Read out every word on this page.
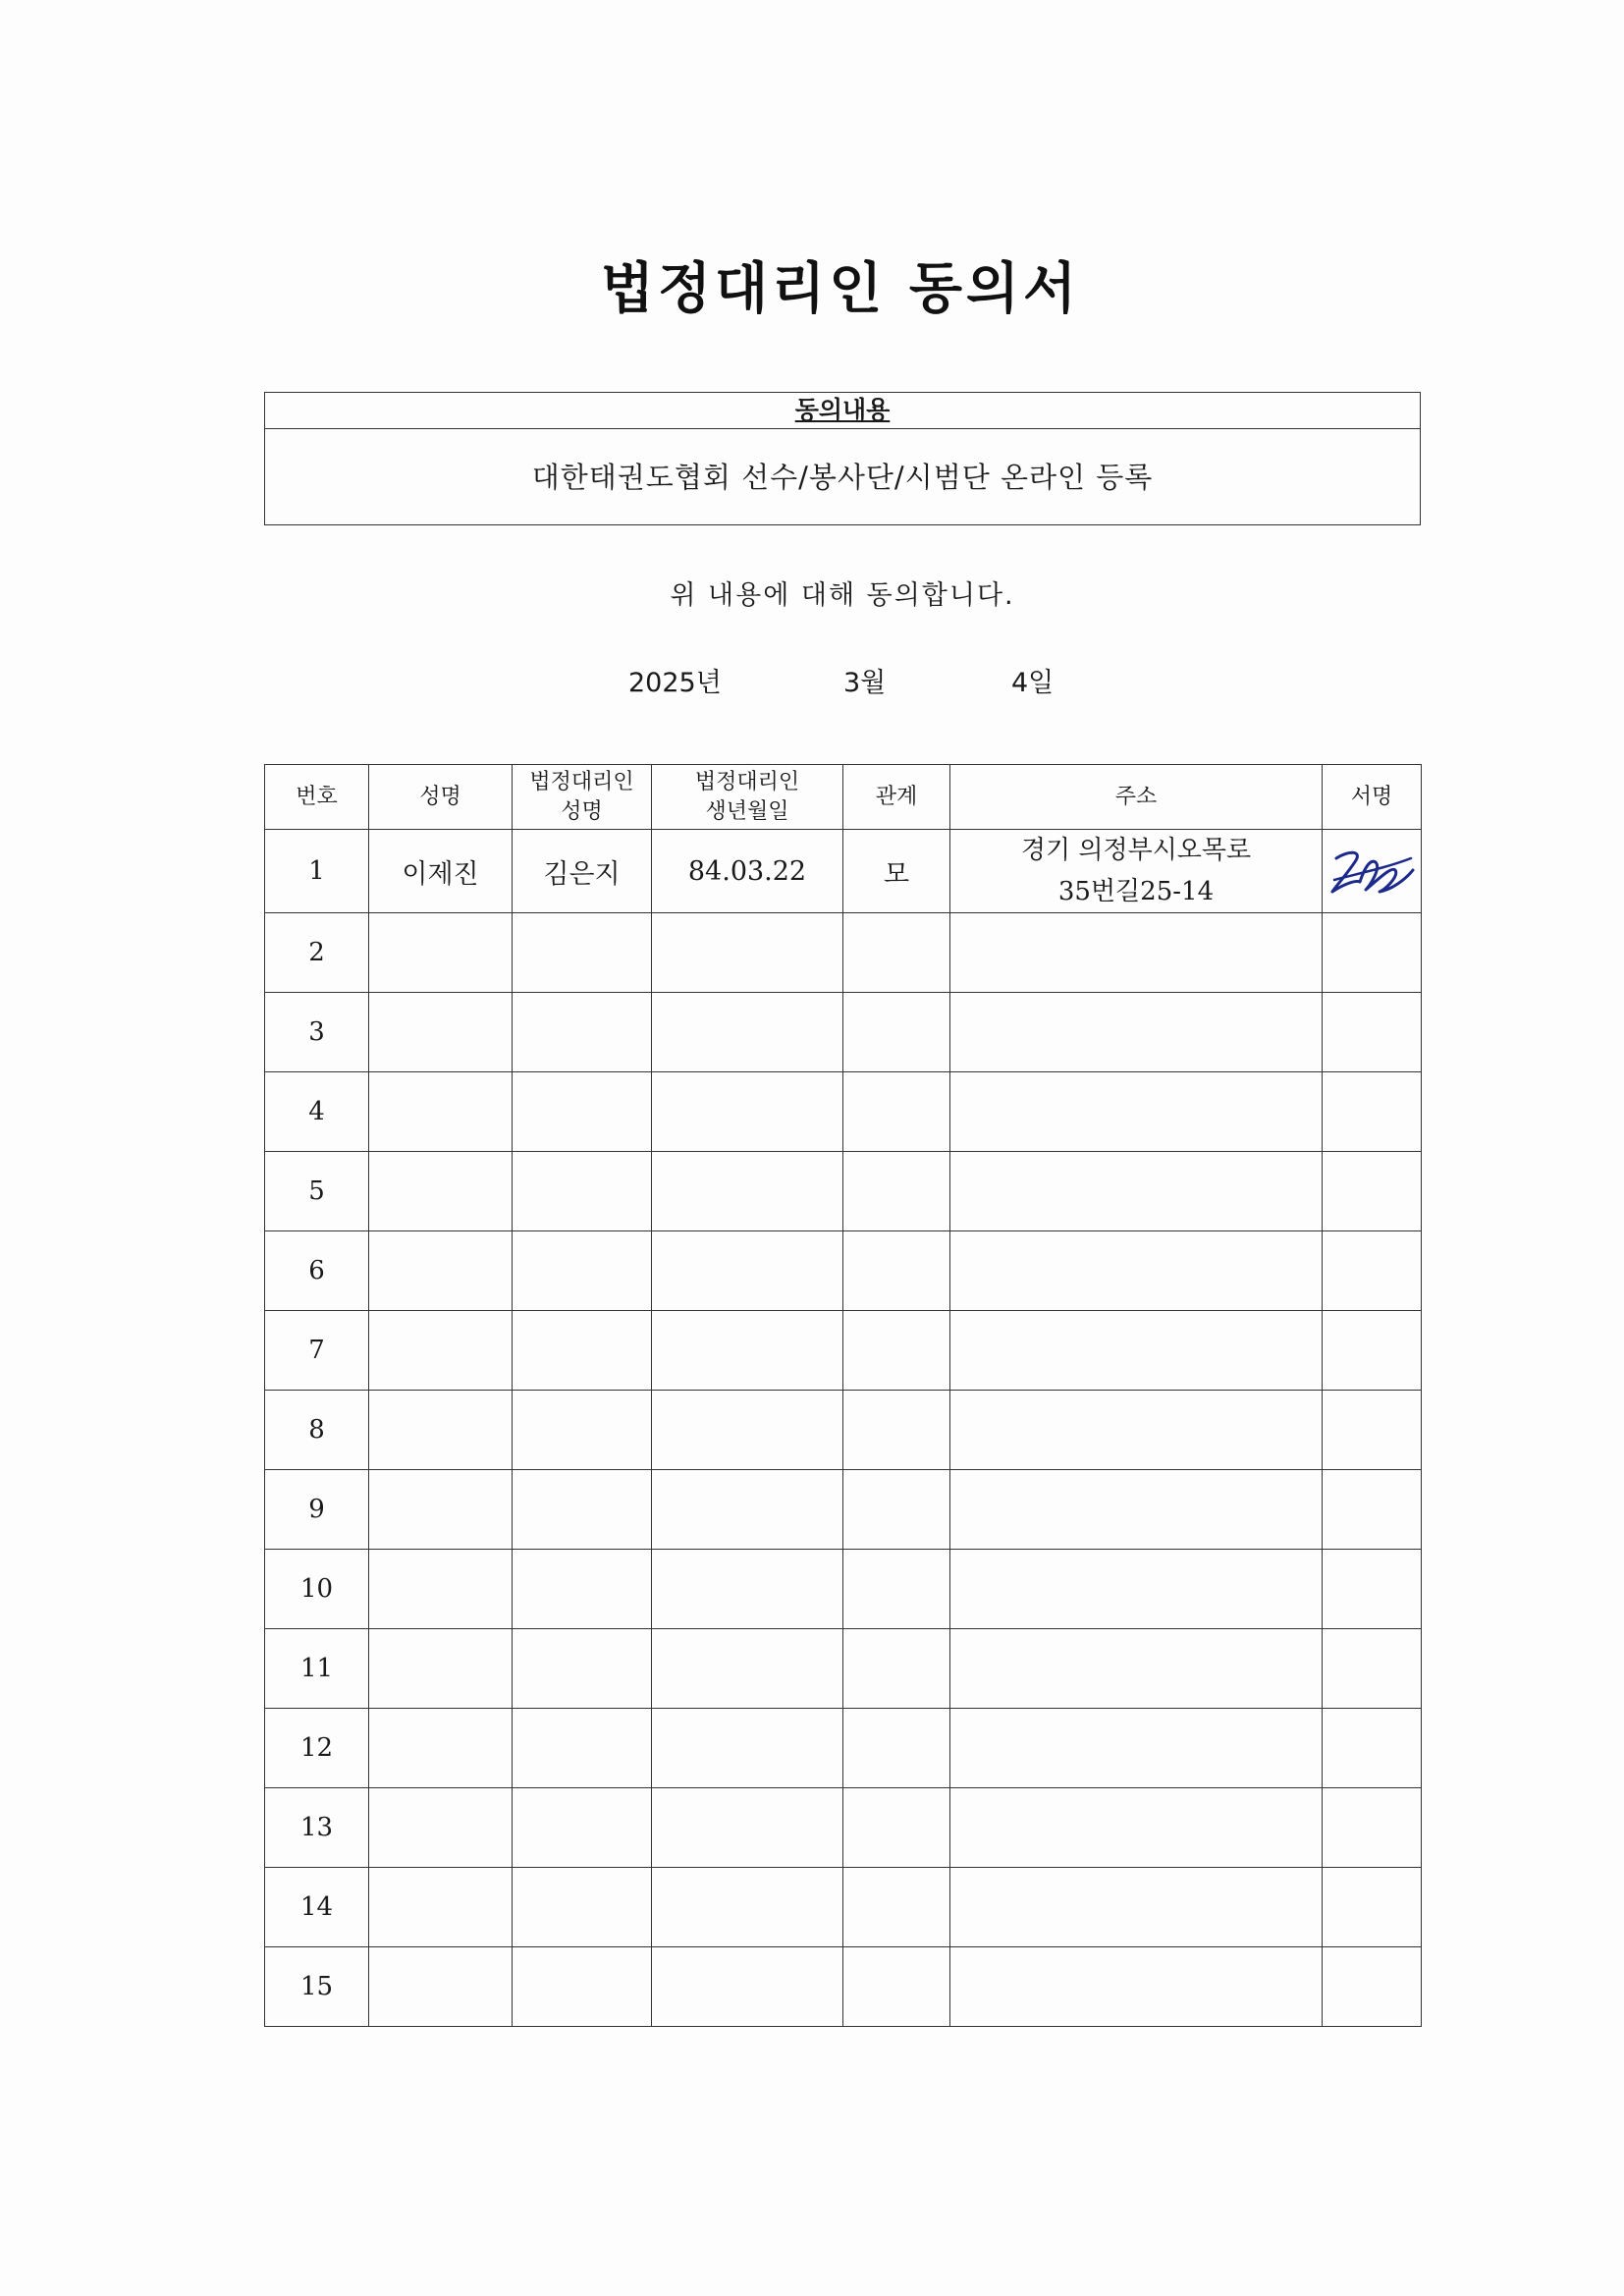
법정대리인 동의서
동의내용
대한태권도협회 선수/봉사단/시범단 온라인 등록
위 내용에 대해 동의합니다.
2025년	3월	4일
번호	성명	법정대리인 성명	법정대리인 생년월일	관계	주소	서명
1	이제진	김은지	84.03.22	모	경기 의정부시오목로
35번길25-14

2					

3					

4					

5					

6					

7					

8					

9					

10					

11					

12					

13					

14					

15					
